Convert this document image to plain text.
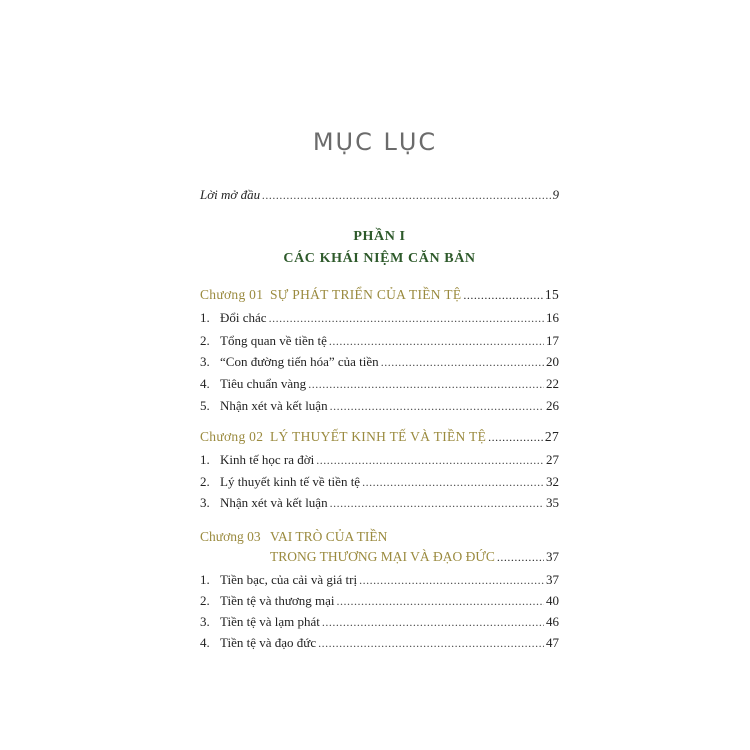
MỤC LỤC
Lời mở đầu .....	9
PHẦN I
CÁC KHÁI NIỆM CĂN BẢN
Chương 01 SỰ PHÁT TRIỂN CỦA TIỀN TỆ .....	15
1. Đổi chác .....	16
2. Tổng quan về tiền tệ .....	17
3. “Con đường tiến hóa” của tiền .....	20
4. Tiêu chuẩn vàng .....	22
5. Nhận xét và kết luận .....	26
Chương 02 LÝ THUYẾT KINH TẾ VÀ TIỀN TỆ .....	27
1. Kinh tế học ra đời .....	27
2. Lý thuyết kinh tế về tiền tệ .....	32
3. Nhận xét và kết luận .....	35
Chương 03 VAI TRÒ CỦA TIỀN
TRONG THƯƠNG MẠI VÀ ĐẠO ĐỨC .....	37
1. Tiền bạc, của cải và giá trị .....	37
2. Tiền tệ và thương mại .....	40
3. Tiền tệ và lạm phát .....	46
4. Tiền tệ và đạo đức .....	47
